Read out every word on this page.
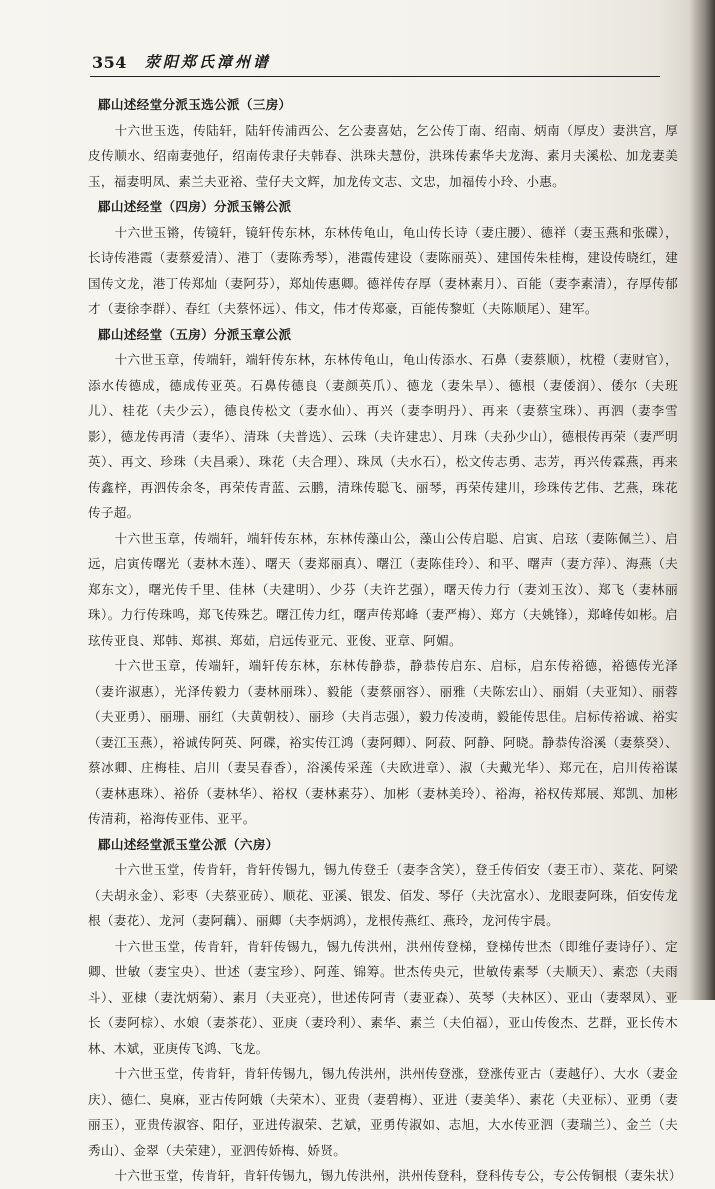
354 荥阳郑氏漳州谱

郿山述经堂分派玉选公派（三房）

十六世玉选，传陆轩，陆轩传浦西公、乞公妻喜姑，乞公传丁南、绍南、炳南（厚皮）妻洪宫，厚皮传顺水、绍南妻弛仔，绍南传隶仔夫韩春、洪珠夫慧份，洪珠传素华夫龙海、素月夫溪松、加龙妻美玉，福妻明凤、素兰夫亚裕、莹仔夫文辉，加龙传文志、文忠，加福传小玲、小惠。

郿山述经堂（四房）分派玉锵公派

十六世玉锵，传镜轩，镜轩传东林，东林传龟山，龟山传长诗（妻庄腰）、德祥（妻玉燕和张碟），长诗传港霞（妻蔡爱清）、港丁（妻陈秀琴），港霞传建设（妻陈丽英）、建国传朱桂梅，建设传晓红，建国传文龙，港丁传郑灿（妻阿芬），郑灿传惠卿。德祥传存厚（妻林素月）、百能（妻李素清），存厚传郁才（妻徐李群）、春红（夫蔡怀远）、伟文，伟才传郑豪，百能传黎虹（夫陈顺尾）、建军。

郿山述经堂（五房）分派玉章公派

十六世玉章，传端轩，端轩传东林，东林传龟山，龟山传添水、石鼻（妻蔡顺），枕橙（妻财官），添水传德成，德成传亚英。石鼻传德良（妻颜英爪）、德龙（妻朱旱）、德根（妻倭润）、倭尔（夫班儿）、桂花（夫少云），德良传松文（妻水仙）、再兴（妻李明丹）、再来（妻蔡宝珠）、再泗（妻李雪影），德龙传再清（妻华）、清珠（夫普选）、云珠（夫许建忠）、月珠（夫孙少山），德根传再荣（妻严明英）、再文、珍珠（夫昌乘）、珠花（夫合理）、珠凤（夫水石），松文传志勇、志芳，再兴传霖燕，再来传鑫梓，再泗传余冬，再荣传青蓝、云鹏，清珠传聪飞、丽琴，再荣传建川，珍珠传艺伟、艺燕，珠花传子超。

十六世玉章，传端轩，端轩传东林，东林传藻山公，藻山公传启聪、启寅、启玹（妻陈佩兰）、启远，启寅传曙光（妻林木莲）、曙天（妻郑丽真）、曙江（妻陈佳玲）、和平、曙声（妻方萍）、海燕（夫郑东文），曙光传千里、佳林（夫建明）、少芬（夫许艺强），曙天传力行（妻刘玉汝）、郑飞（妻林丽珠）。力行传珠鸣，郑飞传殊艺。曙江传力红，曙声传郑峰（妻严梅）、郑方（夫姚锋），郑峰传如彬。启玹传亚良、郑韩、郑祺、郑茹，启远传亚元、亚俊、亚章、阿媚。

十六世玉章，传端轩，端轩传东林，东林传静恭，静恭传启东、启标，启东传裕德，裕德传光泽（妻许淑惠），光泽传毅力（妻林丽珠）、毅能（妻蔡丽容）、丽雅（夫陈宏山）、丽娟（夫亚知）、丽蓉（夫亚勇）、丽珊、丽红（夫黄朝枝）、丽珍（夫肖志强），毅力传凌萌，毅能传思佳。启标传裕诚、裕实（妻江玉燕），裕诚传阿英、阿碟，裕实传江鸿（妻阿卿）、阿菽、阿静、阿晓。静恭传浴溪（妻蔡癸）、蔡冰卿、庄梅桂、启川（妻吴春香），浴溪传采莲（夫欧进章）、淑（夫戴光华）、郑元在，启川传裕谋（妻林惠珠）、裕侨（妻林华）、裕权（妻林素芬）、加彬（妻林美玲）、裕海，裕权传郑展、郑凯、加彬传清莉，裕海传亚伟、亚平。

郿山述经堂派玉堂公派（六房）

十六世玉堂，传肯轩，肯轩传锡九，锡九传登壬（妻李含笑），登壬传佰安（妻王市）、菜花、阿梁（夫胡永金）、彩枣（夫蔡亚砖）、顺花、亚溪、银发、佰发、琴仔（夫沈富水）、龙眼妻阿珠，佰安传龙根（妻花）、龙河（妻阿藕）、丽卿（夫李炳鸿），龙根传燕红、燕玲，龙河传宇晨。

十六世玉堂，传肯轩，肯轩传锡九，锡九传洪州，洪州传登梯，登梯传世杰（即维仔妻诗仔）、定卿、世敏（妻宝央）、世述（妻宝珍）、阿莲、锦筹。世杰传央元，世敏传素琴（夫顺天）、素恋（夫雨斗）、亚棣（妻沈炳菊）、素月（夫亚亮），世述传阿青（妻亚森）、英琴（夫林区）、亚山（妻翠凤）、亚长（妻阿棕）、水娘（妻茶花）、亚庚（妻玲利）、素华、素兰（夫伯福），亚山传俊杰、艺群，亚长传木林、木斌，亚庚传飞鸿、飞龙。

十六世玉堂，传肯轩，肯轩传锡九，锡九传洪州，洪州传登涨，登涨传亚古（妻越仔）、大水（妻金庆）、德仁、臭麻，亚古传阿娥（夫荣木）、亚贵（妻碧梅）、亚进（妻美华）、素花（夫亚标）、亚勇（妻丽玉），亚贵传淑容、阳仔，亚进传淑荣、艺斌，亚勇传淑如、志旭，大水传亚泗（妻瑞兰）、金兰（夫秀山）、金翠（夫荣建），亚泗传娇梅、娇贤。

十六世玉堂，传肯轩，肯轩传锡九，锡九传洪州，洪州传登科，登科传专公，专公传铜根（妻朱状）
